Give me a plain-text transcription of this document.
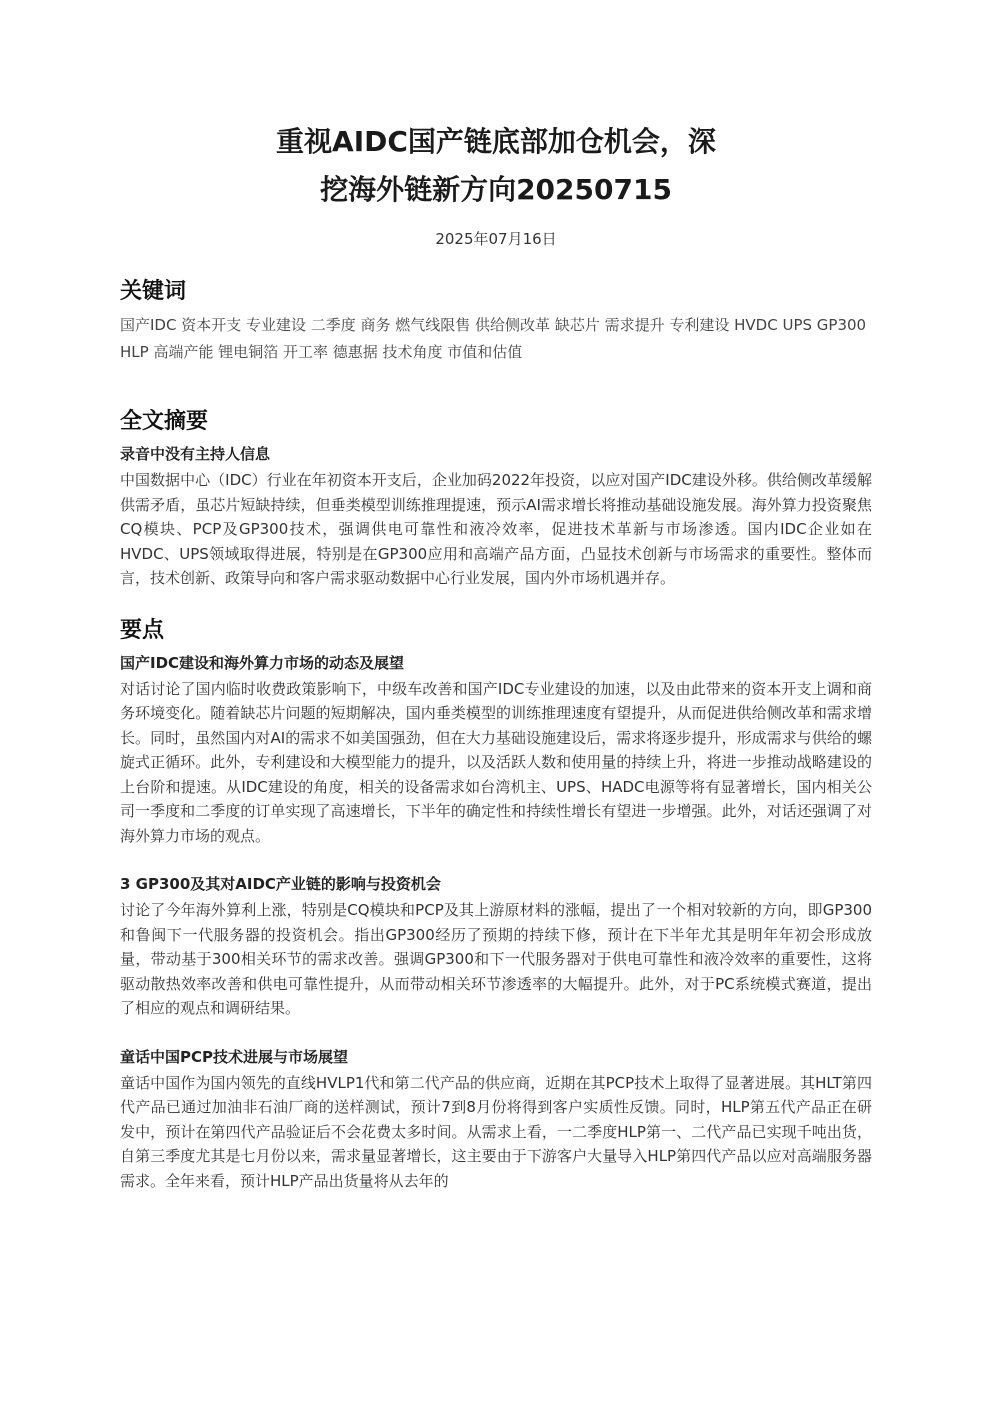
重视AIDC国产链底部加仓机会，深
挖海外链新方向20250715
2025年07月16日
关键词
国产IDC 资本开支 专业建设 二季度 商务 燃气线限售 供给侧改革 缺芯片 需求提升 专利建设 HVDC UPS GP300 HLP 高端产能 锂电铜箔 开工率 德惠据 技术角度 市值和估值
全文摘要
录音中没有主持人信息

中国数据中心（IDC）行业在年初资本开支后，企业加码2022年投资，以应对国产IDC建设外移。供给侧改革缓解供需矛盾，虽芯片短缺持续，但垂类模型训练推理提速，预示AI需求增长将推动基础设施发展。海外算力投资聚焦CQ模块、PCP及GP300技术，强调供电可靠性和液冷效率，促进技术革新与市场渗透。国内IDC企业如在HVDC、UPS领域取得进展，特别是在GP300应用和高端产品方面，凸显技术创新与市场需求的重要性。整体而言，技术创新、政策导向和客户需求驱动数据中心行业发展，国内外市场机遇并存。

要点
国产IDC建设和海外算力市场的动态及展望

对话讨论了国内临时收费政策影响下，中级车改善和国产IDC专业建设的加速，以及由此带来的资本开支上调和商务环境变化。随着缺芯片问题的短期解决，国内垂类模型的训练推理速度有望提升，从而促进供给侧改革和需求增长。同时，虽然国内对AI的需求不如美国强劲，但在大力基础设施建设后，需求将逐步提升，形成需求与供给的螺旋式正循环。此外，专利建设和大模型能力的提升，以及活跃人数和使用量的持续上升，将进一步推动战略建设的上台阶和提速。从IDC建设的角度，相关的设备需求如台湾机主、UPS、HADC电源等将有显著增长，国内相关公司一季度和二季度的订单实现了高速增长，下半年的确定性和持续性增长有望进一步增强。此外，对话还强调了对海外算力市场的观点。

3 GP300及其对AIDC产业链的影响与投资机会

讨论了今年海外算利上涨，特别是CQ模块和PCP及其上游原材料的涨幅，提出了一个相对较新的方向，即GP300和鲁闽下一代服务器的投资机会。指出GP300经历了预期的持续下修，预计在下半年尤其是明年年初会形成放量，带动基于300相关环节的需求改善。强调GP300和下一代服务器对于供电可靠性和液冷效率的重要性，这将驱动散热效率改善和供电可靠性提升，从而带动相关环节渗透率的大幅提升。此外，对于PC系统模式赛道，提出了相应的观点和调研结果。

童话中国PCP技术进展与市场展望

童话中国作为国内领先的直线HVLP1代和第二代产品的供应商，近期在其PCP技术上取得了显著进展。其HLT第四代产品已通过加油非石油厂商的送样测试，预计7到8月份将得到客户实质性反馈。同时，HLP第五代产品正在研发中，预计在第四代产品验证后不会花费太多时间。从需求上看，一二季度HLP第一、二代产品已实现千吨出货，自第三季度尤其是七月份以来，需求量显著增长，这主要由于下游客户大量导入HLP第四代产品以应对高端服务器需求。全年来看，预计HLP产品出货量将从去年的
